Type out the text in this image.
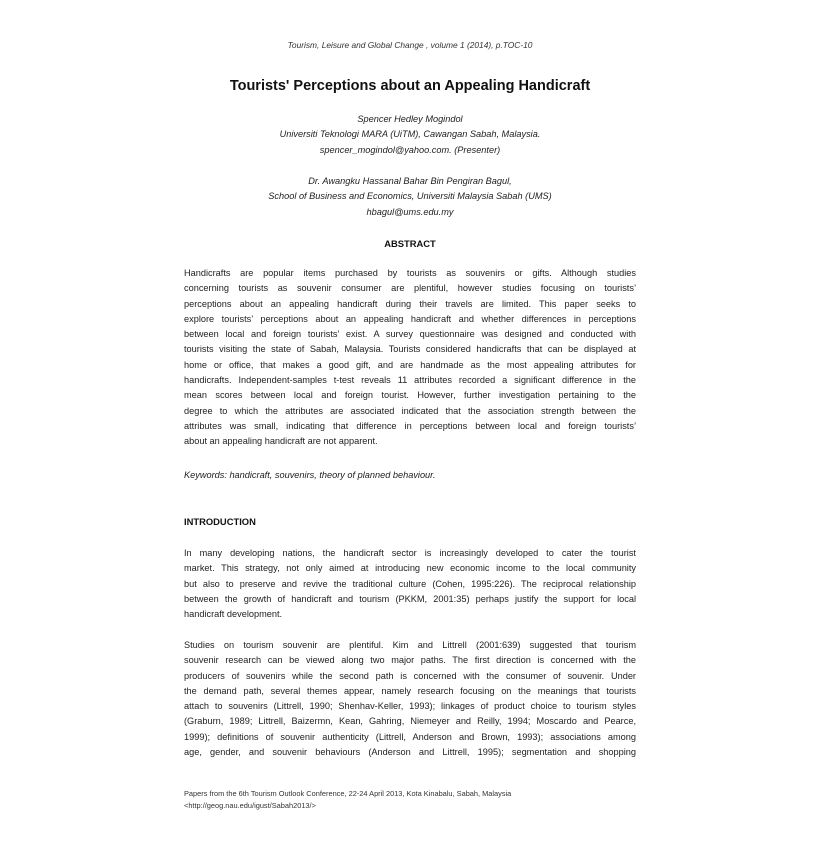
Tourism, Leisure and Global Change , volume 1 (2014), p.TOC-10
Tourists' Perceptions about an Appealing Handicraft
Spencer Hedley Mogindol
Universiti Teknologi MARA (UiTM), Cawangan Sabah, Malaysia.
spencer_mogindol@yahoo.com. (Presenter)
Dr. Awangku Hassanal Bahar Bin Pengiran Bagul,
School of Business and Economics, Universiti Malaysia Sabah (UMS)
hbagul@ums.edu.my
ABSTRACT
Handicrafts are popular items purchased by tourists as souvenirs or gifts. Although studies
concerning tourists as souvenir consumer are plentiful, however studies focusing on tourists’
perceptions about an appealing handicraft during their travels are limited. This paper seeks to
explore tourists’ perceptions about an appealing handicraft and whether differences in perceptions
between local and foreign tourists’ exist. A survey questionnaire was designed and conducted with
tourists visiting the state of Sabah, Malaysia. Tourists considered handicrafts that can be displayed at
home or office, that makes a good gift, and are handmade as the most appealing attributes for
handicrafts. Independent-samples t-test reveals 11 attributes recorded a significant difference in the
mean scores between local and foreign tourist. However, further investigation pertaining to the
degree to which the attributes are associated indicated that the association strength between the
attributes was small, indicating that difference in perceptions between local and foreign tourists’
about an appealing handicraft are not apparent.
Keywords: handicraft, souvenirs, theory of planned behaviour.
INTRODUCTION
In many developing nations, the handicraft sector is increasingly developed to cater the tourist
market. This strategy, not only aimed at introducing new economic income to the local community
but also to preserve and revive the traditional culture (Cohen, 1995:226). The reciprocal relationship
between the growth of handicraft and tourism (PKKM, 2001:35) perhaps justify the support for local
handicraft development.
Studies on tourism souvenir are plentiful. Kim and Littrell (2001:639) suggested that tourism
souvenir research can be viewed along two major paths. The first direction is concerned with the
producers of souvenirs while the second path is concerned with the consumer of souvenir. Under
the demand path, several themes appear, namely research focusing on the meanings that tourists
attach to souvenirs (Littrell, 1990; Shenhav-Keller, 1993); linkages of product choice to tourism styles
(Graburn, 1989; Littrell, Baizermn, Kean, Gahring, Niemeyer and Reilly, 1994; Moscardo and Pearce,
1999); definitions of souvenir authenticity (Littrell, Anderson and Brown, 1993); associations among
age, gender, and souvenir behaviours (Anderson and Littrell, 1995); segmentation and shopping
Papers from the 6th Tourism Outlook Conference, 22-24 April 2013, Kota Kinabalu, Sabah, Malaysia
<http://geog.nau.edu/igust/Sabah2013/>
